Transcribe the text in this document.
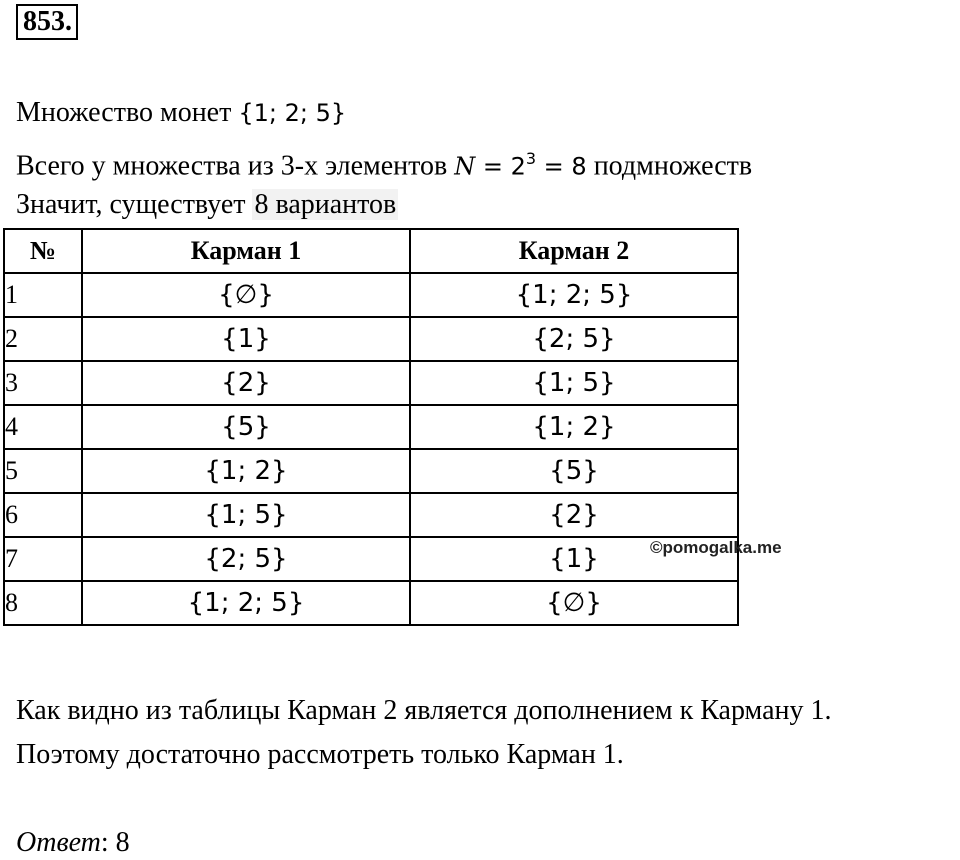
853.
Множество монет {1; 2; 5}
Всего у множества из 3-х элементов $N = 2^3 = 8$ подмножеств
Значит, существует 8 вариантов
№	Карман 1	Карман 2
1	{∅}	{1; 2; 5}
2	{1}	{2; 5}
3	{2}	{1; 5}
4	{5}	{1; 2}
5	{1; 2}	{5}
6	{1; 5}	{2}
7	{2; 5}	{1}
8	{1; 2; 5}	{∅}
©pomogalka.me
Как видно из таблицы Карман 2 является дополнением к Карману 1.
Поэтому достаточно рассмотреть только Карман 1.
Ответ: 8
